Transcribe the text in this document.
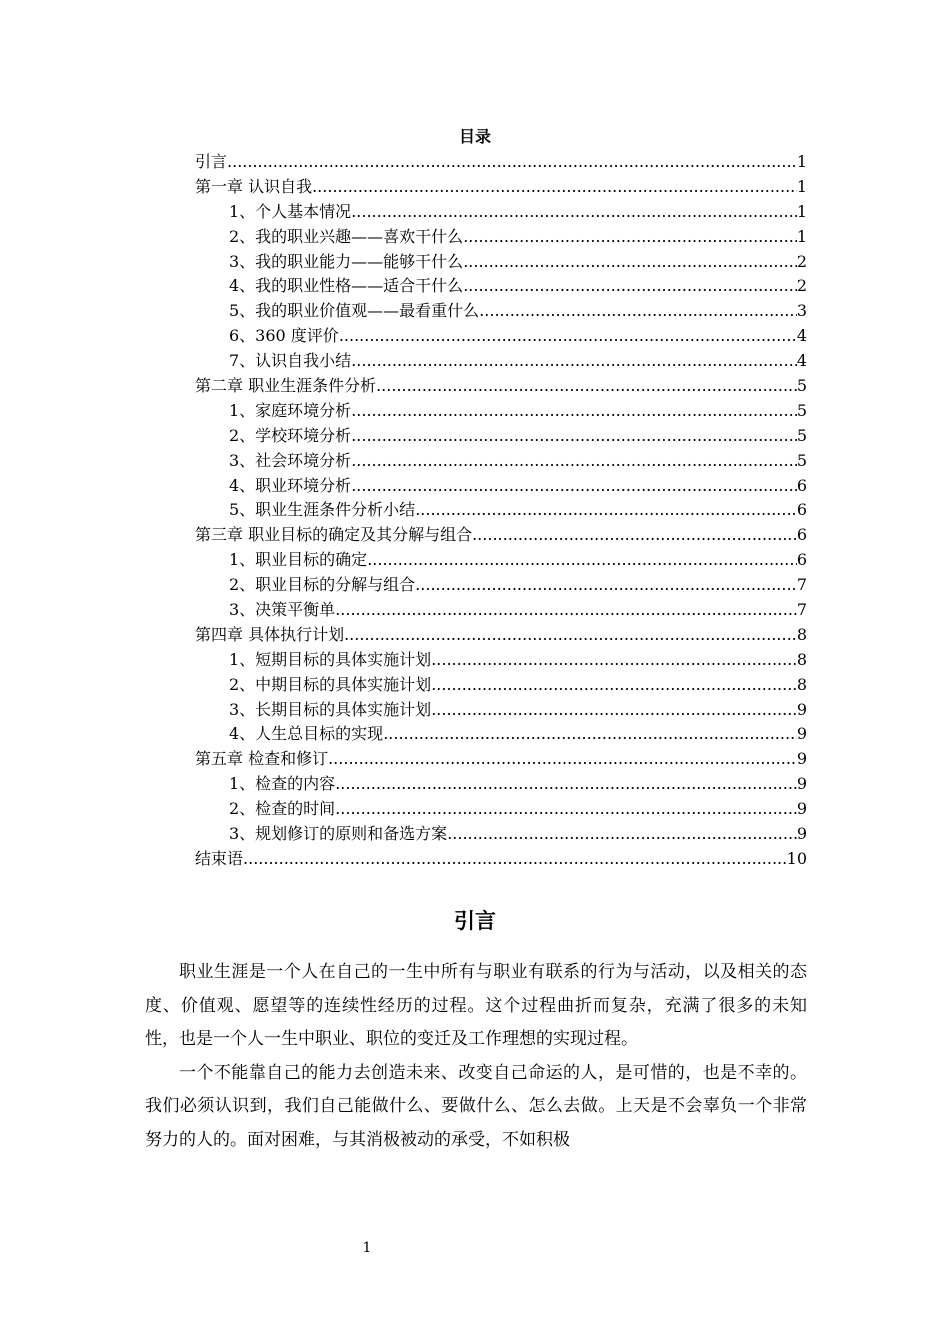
目录
引言 .....	1
第一章 认识自我 .....	1
1、个人基本情况 .....	1
2、我的职业兴趣——喜欢干什么 .....	1
3、我的职业能力——能够干什么 .....	2
4、我的职业性格——适合干什么 .....	2
5、我的职业价值观——最看重什么 .....	3
6、360 度评价 .....	4
7、认识自我小结 .....	4
第二章 职业生涯条件分析 .....	5
1、家庭环境分析 .....	5
2、学校环境分析 .....	5
3、社会环境分析 .....	5
4、职业环境分析 .....	6
5、职业生涯条件分析小结 .....	6
第三章 职业目标的确定及其分解与组合 .....	6
1、职业目标的确定 .....	6
2、职业目标的分解与组合 .....	7
3、决策平衡单 .....	7
第四章 具体执行计划 .....	8
1、短期目标的具体实施计划 .....	8
2、中期目标的具体实施计划 .....	8
3、长期目标的具体实施计划 .....	9
4、人生总目标的实现 .....	9
第五章 检查和修订 .....	9
1、检查的内容 .....	9
2、检查的时间 .....	9
3、规划修订的原则和备选方案 .....	9
结束语 .....	10
引言

职业生涯是一个人在自己的一生中所有与职业有联系的行为与活动，以及相关的态度、价值观、愿望等的连续性经历的过程。这个过程曲折而复杂，充满了很多的未知性，也是一个人一生中职业、职位的变迁及工作理想的实现过程。

一个不能靠自己的能力去创造未来、改变自己命运的人，是可惜的，也是不幸的。我们必须认识到，我们自己能做什么、要做什么、怎么去做。上天是不会辜负一个非常努力的人的。面对困难，与其消极被动的承受，不如积极

1
